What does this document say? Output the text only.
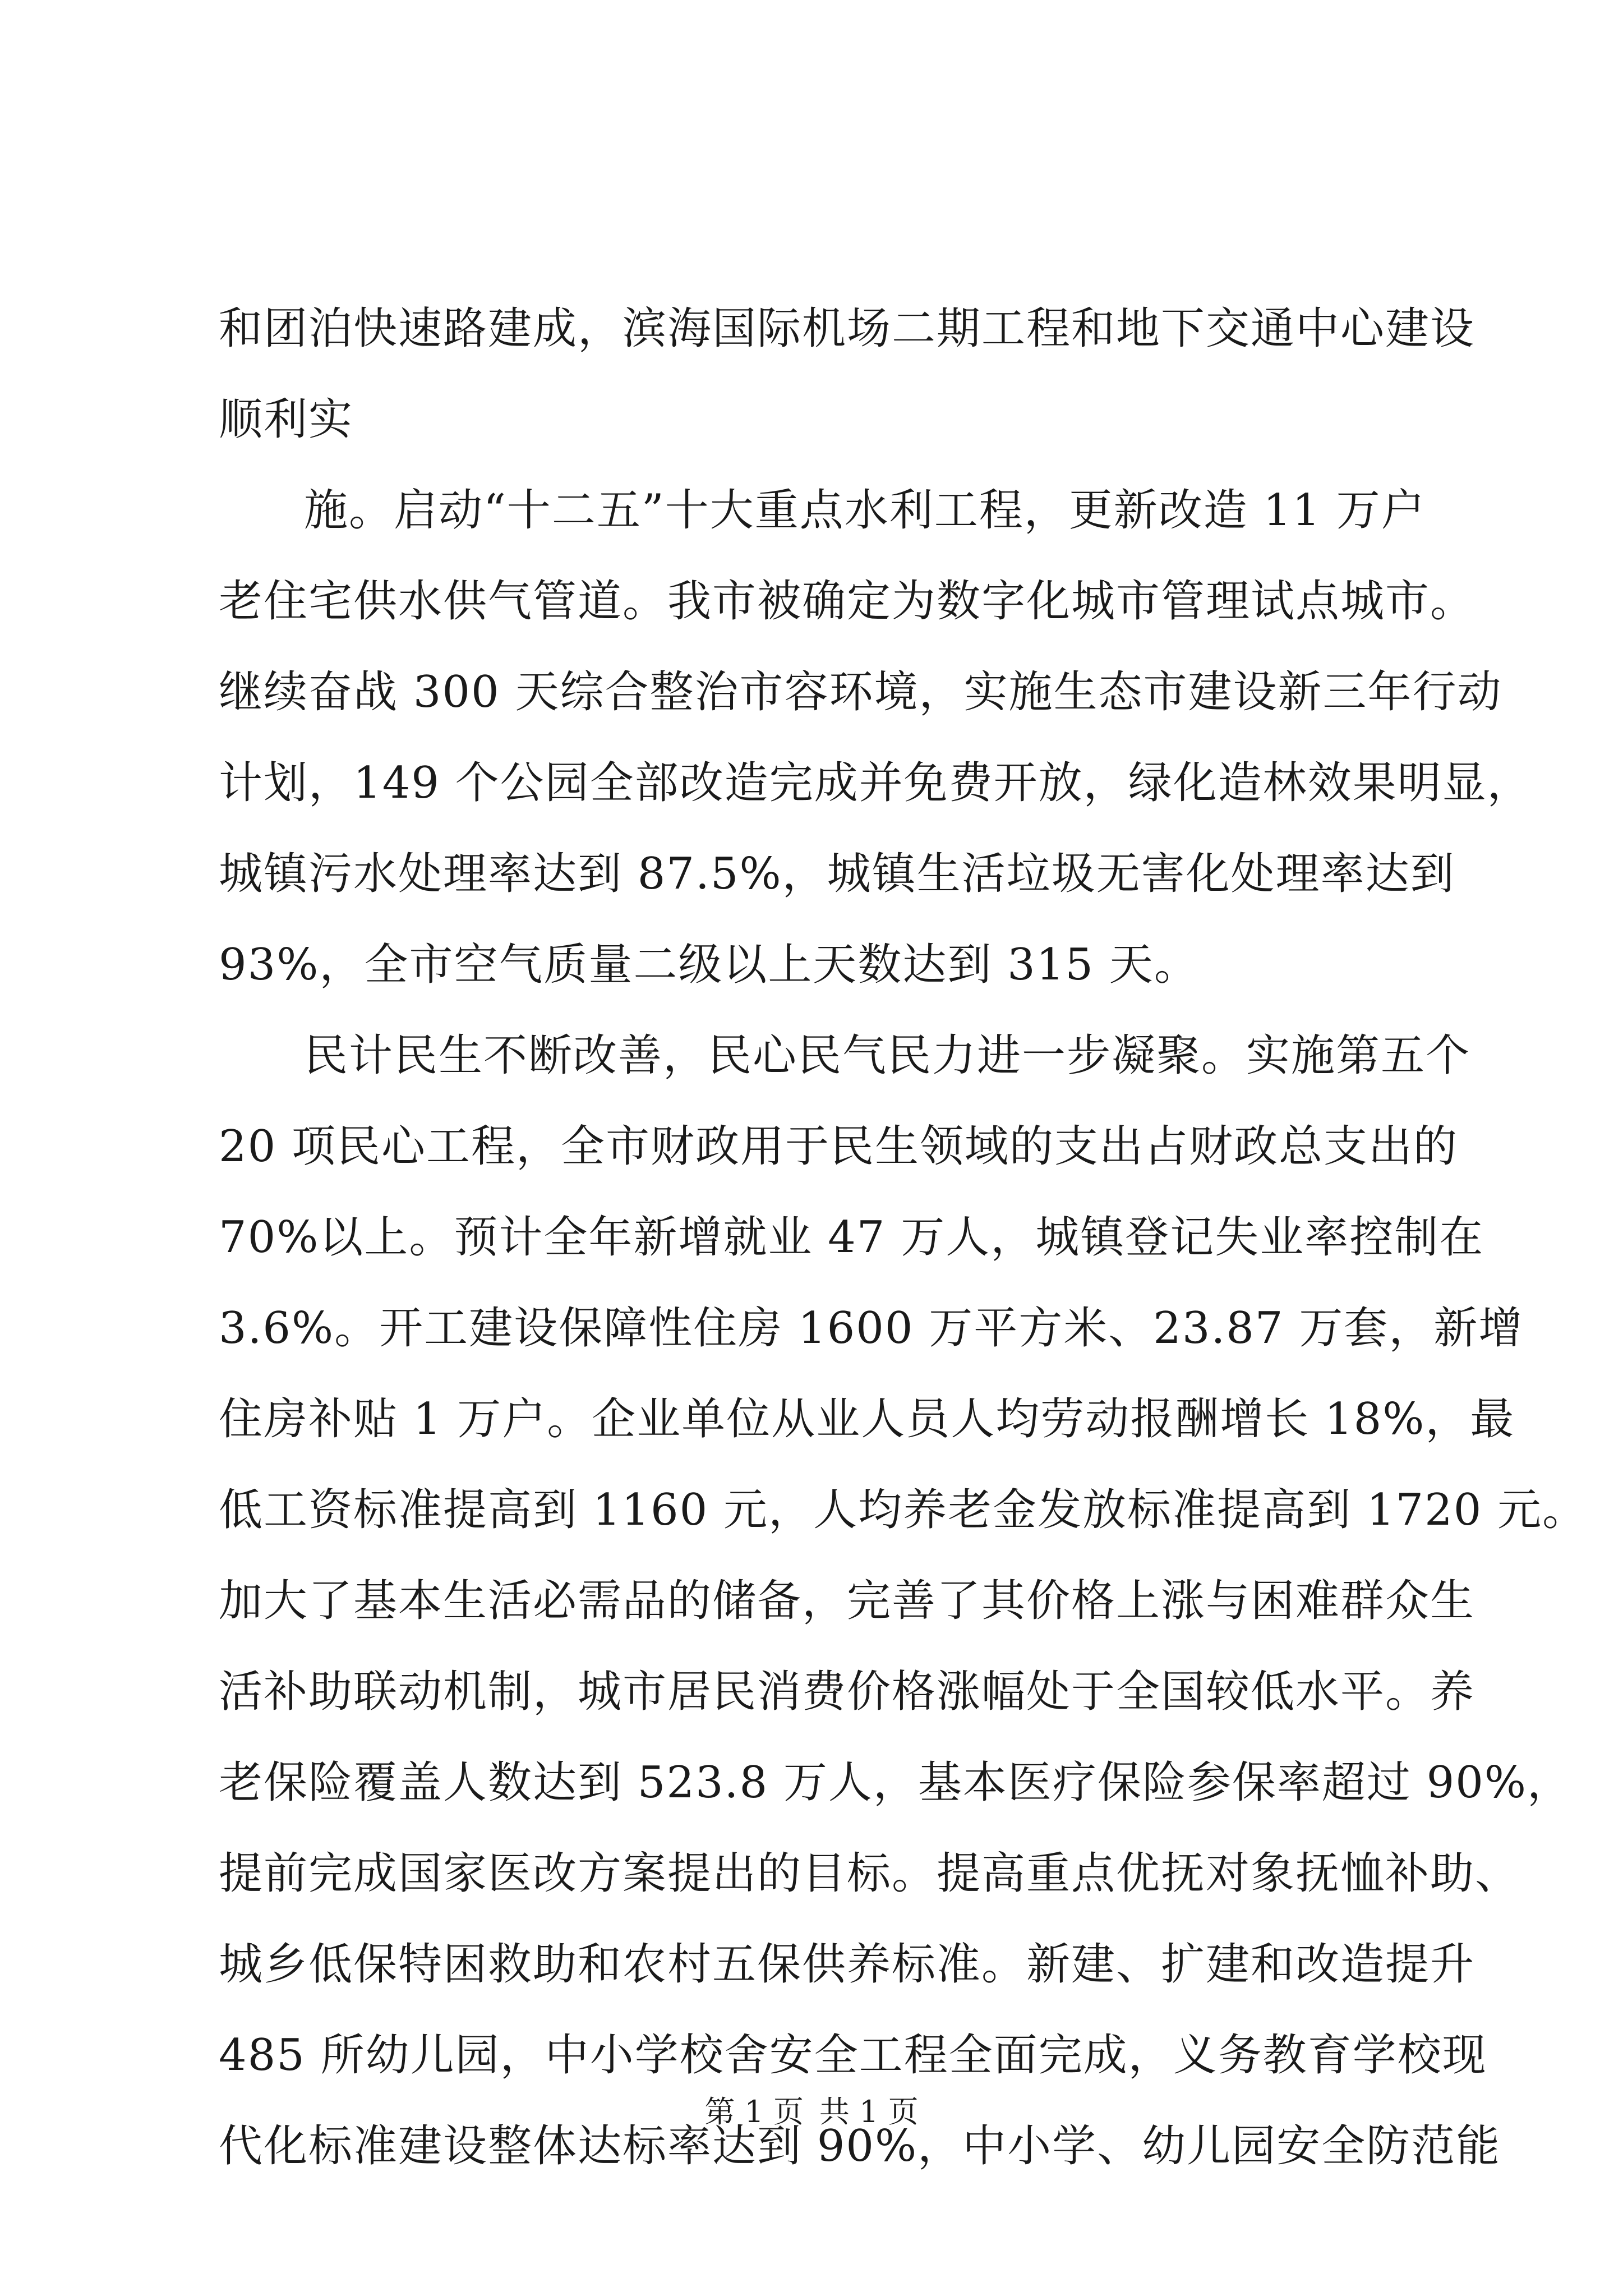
和团泊快速路建成，滨海国际机场二期工程和地下交通中心建设
顺利实
施。启动“十二五”十大重点水利工程，更新改造 11 万户
老住宅供水供气管道。我市被确定为数字化城市管理试点城市。
继续奋战 300 天综合整治市容环境，实施生态市建设新三年行动
计划，149 个公园全部改造完成并免费开放，绿化造林效果明显，
城镇污水处理率达到 87.5%，城镇生活垃圾无害化处理率达到
93%，全市空气质量二级以上天数达到 315 天。
民计民生不断改善，民心民气民力进一步凝聚。实施第五个
20 项民心工程，全市财政用于民生领域的支出占财政总支出的
70%以上。预计全年新增就业 47 万人，城镇登记失业率控制在
3.6%。开工建设保障性住房 1600 万平方米、23.87 万套，新增
住房补贴 1 万户。企业单位从业人员人均劳动报酬增长 18%，最
低工资标准提高到 1160 元，人均养老金发放标准提高到 1720 元。
加大了基本生活必需品的储备，完善了其价格上涨与困难群众生
活补助联动机制，城市居民消费价格涨幅处于全国较低水平。养
老保险覆盖人数达到 523.8 万人，基本医疗保险参保率超过 90%，
提前完成国家医改方案提出的目标。提高重点优抚对象抚恤补助、
城乡低保特困救助和农村五保供养标准。新建、扩建和改造提升
485 所幼儿园，中小学校舍安全工程全面完成，义务教育学校现
代化标准建设整体达标率达到 90%，中小学、幼儿园安全防范能
第 1 页 共 1 页
